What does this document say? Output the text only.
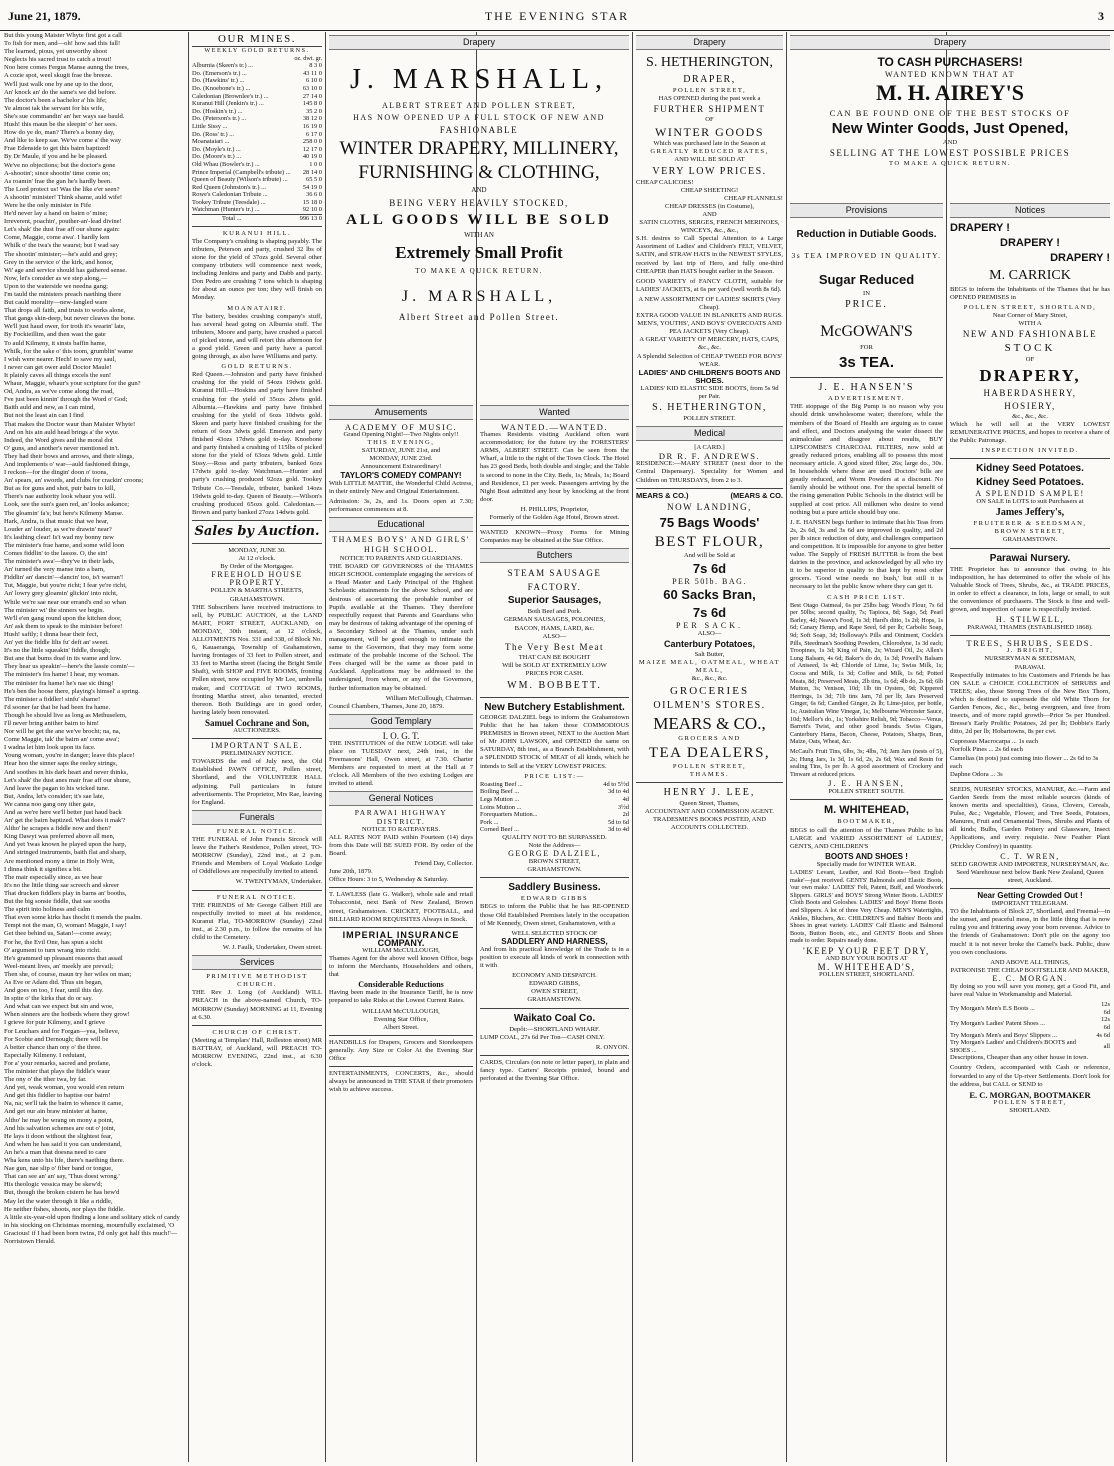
June 21, 1879.	THE EVENING STAR	3

But this young Maister Whyte first got a call

To fish for men, and—oh! how sad this fall!

The learned, pious, yet unworthy shoot

Neglects his sacred trust to catch a trout!

Noo here comes Fergus Manse aunng the trees,

A cozie spot, weel skugit frae the breeze.

We'll just walk one by ane up to the door,

An' knock an' do the same's we did before.

The doctor's been a bachelor a' his life;

Ye almost tak the servant for his wife,

She's sue commandin' an' her ways sae bauld.

Hush! this maun be the sleepin' o' her sees.

How do ye do, man? There's a bonny day,

And like to keep sae. We've come a' the way

Frae Edenside to get this bairn baptized!

By Dr Maule, if you and he be pleased.

We've no objections; but the doctor's gone

A-shootin'; since shootin' time come on;

As roamin' frae the gun he's hardly been.

The Lord protect us! Was the like e'er seen?

A shootin' minister! Think shame, auld wife!

Were he the only minister in Fife

He'd never lay a hand on bairn o' mine;

Irreverent, poachin', pouther-an'-lead divine!

Let's shak' the dust frae aff our shune again:

Come, Maggie, come awa'. I hardly ken

Whilk o' the twa's the waurst; but I wad say

The shootin' minister;—he's auld and grey;

Grey in the service o' the kirk, and honor,

Wi' age and service should has gathered sense.

Now, let's consider as we step along,—

Upon to the waterside we needna gang;

I'm tauld the ministers preach naething there

But cauld morality—new-fangled ware

That drops all faith, and trusts to works alone,

That gangs skin-deep, but never cleaves the bone.

We'll just haud ower, for troth it's wearin' late,

By Fockieillim, and then wast the gate

To auld Kilmeny, it sinsts baffin hame,

Whilk, for the sake o' this toom, grumblin' wame

I wish were nearer. Hech! to save my saul,

I never can get ower auld Doctor Maule!

It plainly caves all things excels the sun!

Whaur, Maggie, whaur's your scripture for the gun?

Od, Andra, as we've come along the road,

I've just been kinnin' through the Word o' God;

Baith auld and new, as I can mind,

But not the least ain can I find

That makes the Doctor waur than Maister Whyte!

And on his ain auld head brings a' the wyte.

Indeed, the Word gives and the moral dot

O' guns, and another's never mentioned in't.

They had their bows and arrows, and their slings,

And implements o' war—auld fashioned things,

I reckon—for the dingin' doon o' toons,

An' spears, an' swords, and clubs for crackin' croons;

But as for guns and shot, puir bairs to kill,

There's nae authority look whaur you will.

Look, see the sun's gaen red, an' looks askance;

The gloamin' fa's; but here's Kilmeny Manse.

Hark, Andra, is that music that we hear,

Louder an' louder, as we're drawin' near?

It's lasthing clear! Is't wad my bonny new

The minister's frae hame, and some wild loon

Comes fiddlin' to the lassos. O, the sin!

The minister's awa'—they've in their lads,

An' turned the very manse into a barn,

Fiddlin' an' dancin'—dancin' too, is't warran'!

Tut, Maggie, but you're richt; I fear ye're richt,

An' lowry grey gloamin' glickin' into nicht,

While we're sae near our errand's end so whan

The minister wi' the sinners we begin.

We'll e'en gang round upon the kitchen door,

An' ask them to speak to the minister before!

Hush! saftly; I dinna hear their fect,

An' yet the fiddle lilts fu' deft an' sweet.

It's no the little squeakin' fiddle, though;

But ane that bums doaf in its wame and low.

They hear us speakin'—here's the lassie comin'—

The minister's fra hame! I hear, my woman.

The minister fra hame! he's nae sic thing!

He's ben the hoose there, playing's himsel' a spring.

The minister a fiddler! sinfu' shame!

I'd sooner far that he had been fra hame.

Though he should live as long as Methuselem,

I'll never bring anither bairn to him!

Nor will he get the ane we've brocht; na, na,

Come Maggie, tak' the bairn an' come awa';

I wadna let him look upon its face.

Young woman, you're in danger; leave this place!

Hear hoo the sinner saps the reeley strings,

And soothes in his dark heart and never thinks,

Let's shak' the dust anes mair frae aff our shune,

And leave the pagan to his wicked tune.

But, Andra, let's consider; it's sae late,

We canna noo gang ony ither gate,

And as we're here we'll better just haud back

An' get the bairn baptized. What does it mak'?

Altho' he scrapes a fiddle now and then?

King Dawyt was preferred above all men,

And yet 'twas known he played upon the harp,

And stringed instruments, baith flat and sharp,

Are mentioned mony a time in Holy Writ,

I dinna think it signifies a bit.

The mair especially since, as we hear

It's no the little thing sae screech and skreer

That drucken fiddlers play in barns an' booths,

But the big sonsie fiddle, that sae sooths

The spirit into holiness and calm

That even some kirks has thocht it mends the psalm.

Tempt not the man, O, woman! Maggie, I say!

Get thee behind us, Satan!—come away;

For he, the Evil One, has spun a sicht

O' argument to turn wrang into richt.

He's grammed up pleasant reasons that assail

Weel-meant lives, an' meekly are prevail;

Then she, of course, maun try her wiles on man;

As Eve or Adam did. Thus sin began,

And goes on too, I fear, until this day.

In spite o' the kirks that do or say.

And what can we expect but sin and woe,

When sinners are the hotbeds where they grow!

I grieve for puir Kilmeny, and I grieve

For Leuchars and for Forgan—yea, believe,

For Scobie and Dernough; there will be

A better chance than ony o' the three.

Especially Kilmeny. I redutant,

For a' your remarks, sacred and profane,

The minister that plays the fiddle's waur

The ony o' the ither twa, by far.

And yet, weak woman, you would e'en return

And get this fiddler to baptise our bairn!

Na, na; we'll tak the bairn to whence it came,

And get our ain braw minister at hame,

Altho' he may be wrang on mony a point,

And his salvation schemes are out o' joint,

He lays it doon without the slightest fear,

And when he has said it you can understand,

An he's a man that doesna need to care

Wha kens unto his life, there's naething there.

Nae gun, nae slip o' fiber band or tongue,

That can see an' an' say, 'Thus doest wrong.'

His theologic vessica may be skew'd;

But, though the broken cistern he has hew'd

May let the water through it like a riddle,

He neither fishes, shoots, nor plays the fiddle.

A little six-year-old upon finding a lone and solitary stick of candy in his stocking on Christmas morning, mournfully exclaimed, 'O Gracious! if I had been born twins, I'd only got half this much!'—Norristown Herald.

OUR MINES.
WEEKLY GOLD RETURNS.
oz. dwt. gr.
Alburnia (Skeen's tr.) ...	8 3 0
Do. (Emerson's tr.) ...	43 11 0
Do. (Hawkins' tr.) ...	6 10 0
Do. (Knoebone's tr.) ...	63 10 0
Caledonian (Brownlee's tr.) ...	27 14 0
Kuranui Hill (Jenkin's tr.) ...	145 8 0
Do. (Hoskin's tr.) ...	35 2 0
Do. (Peterson's tr.) ...	38 12 0
Little Sissy ...	16 19 0
Do. (Ross' tr.) ...	6 17 0
Moanataiari ...	258 0 0
Do. (Moyle's tr.) ...	12 17 0
Do. (Moore's tr.) ...	40 19 0
Old Whau (Bowler's tr.) ...	1 0 0
Prince Imperial (Campbell's tribute) ...	28 14 0
Queen of Beauty (Wilson's tribute) ...	65 5 0
Red Queen (Johnston's tr.) ...	54 19 0
Rowe's Caledonian Tribute ...	36 6 0
Tookey Tribute (Teesdale) ...	15 18 0
Watchman (Hunter's tr.) ...	92 10 0
Total ...	996 13 0
KURANUI HILL.

The Company's crushing is shaping payably. The tributers, Peterson and party, crushed 32 lbs of stone for the yield of 37ozs gold. Several other company tributers will commence next week, including Jenkins and party and Dabb and party. Don Pedro are crushing 7 tons which is shaping for about an ounce per ton; they will finish on Monday.

MOANATAIRI.

The battery, besides crushing company's stuff, has several head going on Alburnia stuff. The tributers, Moore and party, have crushed a parcel of picked stone, and will retort this afternoon for a good yield. Green and party have a parcel going through, as also have Williams and party.

GOLD RETURNS.

Red Queen.—Johnston and party have finished crushing for the yield of 54ozs 19dwts gold. Kuranui Hill.—Hoskins and party have finished crushing for the yield of 35ozs 2dwts gold. Alburnia.—Hawkins and party have finished crushing for the yield of 6ozs 10dwts gold. Skeen and party have finished crushing for the return of 6ozs 3dwts gold. Emerson and party finished 43ozs 17dwts gold to-day. Knoebone and party finished a crushing of 115lbs of picked stone for the yield of 63ozs 9dwts gold. Little Sissy.—Ross and party tributers, banked 6ozs 17dwts gold to-day. Watchman.—Hunter and party's crushing produced 92ozs gold. Tookey Tribute Co.—Teesdale, tributer, banked 14ozs 19dwts gold to-day. Queen of Beauty.—Wilson's crushing produced 65ozs gold. Caledonian.—Brown and party banked 27ozs 14dwts gold.

Sales by Auction.
MONDAY, JUNE 30.
At 12 o'clock.
By Order of the Mortgagee.
FREEHOLD HOUSE PROPERTY.
POLLEN & MARTHA STREETS, GRAHAMSTOWN.

THE Subscribers have received instructions to sell, by PUBLIC AUCTION, at the LAND MART, FORT STREET, AUCKLAND, on MONDAY, 30th instant, at 12 o'clock, ALLOTMENTS Nos. 331 and 338, of Block No. 6, Kauaeranga, Township of Grahamstown, having frontages of 33 feet to Pollen street, and 33 feet to Martha street (facing the Bright Smile Shaft), with SHOP and FIVE ROOMS, fronting Pollen street, now occupied by Mr Lee, umbrella maker, and COTTAGE of TWO ROOMS, fronting Martha street, also tenanted, erected thereon. Both Buildings are in good order, having lately been renovated.

Samuel Cochrane and Son,
AUCTIONEERS.
IMPORTANT SALE.
PRELIMINARY NOTICE.

TOWARDS the end of July next, the Old Established PAWN OFFICE, Pollen street, Shortland, and the VOLUNTEER HALL adjoining. Full particulars in future advertisements. The Proprietor, Mrs Rae, leaving for England.

Funerals
FUNERAL NOTICE.

THE FUNERAL of John Francis Sircock will leave the Father's Residence, Pollen street, TO-MORROW (Sunday), 22nd inst., at 2 p.m. Friends and Members of Loyal Waikato Lodge of Oddfellows are respectfully invited to attend.

W. TWENTYMAN, Undertaker.
FUNERAL NOTICE.

THE FRIENDS of Mr George Gilbert Hill are respectfully invited to meet at his residence, Kuranui Flat, TO-MORROW (Sunday) 22nd inst., at 2.30 p.m., to follow the remains of his child to the Cemetery.

W. J. Faulk, Undertaker, Owen street.
Services
PRIMITIVE METHODIST CHURCH.

THE Rev J. Long (of Auckland) WILL PREACH in the above-named Church, TO-MORROW (Sunday) MORNING at 11, Evening at 6.30.

CHURCH OF CHRIST.

(Meeting at Templars' Hall, Rolleston street) MR BATTRAY, of Auckland, will PREACH TO-MORROW EVENING, 22nd inst., at 6.30 o'clock.

Drapery
J. MARSHALL,
ALBERT STREET AND POLLEN STREET,
HAS NOW OPENED UP A FULL STOCK OF NEW AND
FASHIONABLE
WINTER DRAPERY, MILLINERY,
FURNISHING & CLOTHING,
AND
BEING VERY HEAVILY STOCKED,
ALL GOODS WILL BE SOLD
WITH AN
Extremely Small Profit
TO MAKE A QUICK RETURN.
J. MARSHALL,
Albert Street and Pollen Street.
Amusements
ACADEMY OF MUSIC.
Grand Opening Night!—Two Nights only!!
THIS EVENING,
SATURDAY, JUNE 21st, and
MONDAY, JUNE 23rd.
Announcement Extraordinary!
TAYLOR'S COMEDY COMPANY!

With LITTLE MATTIE, the Wonderful Child Actress, in their entirely New and Original Entertainment.

Admission: 3s, 2s, and 1s. Doors open at 7.30; performance commences at 8.

Educational
THAMES BOYS' AND GIRLS' HIGH SCHOOL.
NOTICE TO PARENTS AND GUARDIANS.

THE BOARD OF GOVERNORS of the THAMES HIGH SCHOOL contemplate engaging the services of a Head Master and Lady Principal of the Highest Scholastic attainments for the above School, and are desirous of ascertaining the probable number of Pupils available at the Thames. They therefore respectfully request that Parents and Guardians who may be desirous of taking advantage of the opening of a Secondary School at the Thames, under such management, will be good enough to intimate the same to the Governors, that they may form some estimate of the probable income of the School. The Fees charged will be the same as those paid in Auckland. Applications may be addressed to the undersigned, from whom, or any of the Governors, further information may be obtained.

William McCullough, Chairman.
Council Chambers, Thames, June 20, 1879.
Good Templary
I. O. G. T.

THE INSTITUTION of the NEW LODGE will take place on TUESDAY next, 24th inst., in the Freemasons' Hall, Owen street, at 7.30. Charter Members are requested to meet at the Hall at 7 o'clock. All Members of the two existing Lodges are invited to attend.

General Notices
PARAWAI HIGHWAY DISTRICT.
NOTICE TO RATEPAYERS.

ALL RATES NOT PAID within Fourteen (14) days from this Date will BE SUED FOR. By order of the Board.

Friend Day, Collector.
June 20th, 1879.
Office Hours: 3 to 5, Wednesday & Saturday.

T. LAWLESS (late G. Walker), whole sale and retail Tobacconist, next Bank of New Zealand, Brown street, Grahamstown. CRICKET, FOOTBALL, and BILLIARD ROOM REQUISITES Always in Stock.

IMPERIAL INSURANCE
COMPANY.
WILLIAM McCULLOUGH,

Thames Agent for the above well known Office, begs to inform the Merchants, Householders and others, that

Considerable Reductions

Having been made in the Insurance Tariff, he is now prepared to take Risks at the Lowest Current Rates.

WILLIAM McCULLOUGH,
Evening Star Office,
Albert Street.

HANDBILLS for Drapers, Grocers and Storekeepers generally. Any Size or Color At the Evening Star Office

ENTERTAINMENTS, CONCERTS, &c., should always be announced in THE STAR if their promoters wish to achieve success.

Wanted
WANTED.—WANTED.

Thames Residents visiting Auckland often want accommodation; for the future try the FORESTERS' ARMS, ALBERT STREET. Can be seen from the Wharf, a little to the right of the Town Clock. The Hotel has 23 good Beds, both double and single; and the Table is second to none in the City. Beds, 1s; Meals, 1s; Board and Residence, £1 per week. Passengers arriving by the Night Boat admitted any hour by knocking at the front door.

H. PHILLIPS, Proprietor,
Formerly of the Golden Age Hotel, Brown street.

WANTED KNOWN—Proxy Forms for Mining Companies may be obtained at the Star Office.

Butchers
STEAM SAUSAGE FACTORY.
Superior Sausages,
Both Beef and Pork.
GERMAN SAUSAGES, POLONIES,
BACON, HAMS, LARD, &c.
ALSO—
The Very Best Meat
THAT CAN BE BOUGHT
Will be SOLD AT EXTREMELY LOW
PRICES FOR CASH.
WM. BOBBETT.
New Butchery Establishment.

GEORGE DALZIEL begs to inform the Grahamstown Public that he has taken those COMMODIOUS PREMISES in Brown street, NEXT to the Auction Mart of Mr JOHN LAWSON, and OPENED the same on SATURDAY, 8th inst., as a Branch Establishment, with a SPLENDID STOCK of MEAT of all kinds, which he intends to Sell at the VERY LOWEST PRICES.

PRICE LIST:—
Roasting Beef ...	4d to 5½d
Boiling Beef ...	3d to 4d
Legs Mutton ...	4d
Loins Mutton ...	3½d
Forequarters Mutton...	2d
Pork ...	5d to 6d
Corned Beef ...	3d to 4d
QUALITY NOT TO BE SURPASSED.
Note the Address—
GEORGE DALZIEL,
BROWN STREET,
GRAHAMSTOWN.
Saddlery Business.
EDWARD GIBBS

BEGS to inform the Public that he has RE-OPENED those Old Established Premises lately in the occupation of Mr Kennedy, Owen street, Grahamstown, with a

WELL SELECTED STOCK OF
SADDLERY AND HARNESS,

And from his practical knowledge of the Trade is in a position to execute all kinds of work in connection with it with

ECONOMY AND DESPATCH.
EDWARD GIBBS,
OWEN STREET,
GRAHAMSTOWN.
Waikato Coal Co.
Depôt:—SHORTLAND WHARF.

LUMP COAL, 27s 6d Per Ton—CASH ONLY.

R. ONYON.

CARDS, Circulars (on note or letter paper), in plain and fancy type. Carters' Receipts printed, bound and perforated at the Evening Star Office.

Drapery
S. HETHERINGTON,
DRAPER,
POLLEN STREET,
HAS OPENED during the past week a
FURTHER SHIPMENT
OF
WINTER GOODS
Which was purchased late in the Season at
GREATLY REDUCED RATES,
AND WILL BE SOLD AT
VERY LOW PRICES.
CHEAP CALICOES!
CHEAP SHEETING!
CHEAP FLANNELS!
CHEAP DRESSES (in Costume),
AND
SATIN CLOTHS, SERGES, FRENCH MERINOES, WINCEYS, &c., &c.,

S.H. desires to Call Special Attention to a Large Assortment of Ladies' and Children's FELT, VELVET, SATIN, and STRAW HATS in the NEWEST STYLES, received by last trip of Hero, and fully one-third CHEAPER than HATS bought earlier in the Season.

GOOD VARIETY of FANCY CLOTH, suitable for LADIES' JACKETS, at 6s per yard (well worth 8s 6d).

A NEW ASSORTMENT OF LADIES' SKIRTS (Very Cheap).
EXTRA GOOD VALUE IN BLANKETS AND RUGS.
MEN'S, YOUTHS', AND BOYS' OVERCOATS AND PEA JACKETS (Very Cheap).
A GREAT VARIETY OF MERCERY, HATS, CAPS, &c., &c.
A Splendid Selection of CHEAP TWEED FOR BOYS' WEAR.
LADIES' AND CHILDREN'S BOOTS AND SHOES.
LADIES' KID ELASTIC SIDE BOOTS, from 5s 9d per Pair.
S. HETHERINGTON,
POLLEN STREET.
Medical
[A CARD.]
DR R. F. ANDREWS.

RESIDENCE:—MARY STREET (next door to the Central Dispensary). Speciality for Women and Children on THURSDAYS, from 2 to 3.

MEARS & CO.)	(MEARS & CO.
NOW LANDING,
75 Bags Woods'
BEST FLOUR,
And will be Sold at
7s 6d
PER 50lb. BAG.
60 Sacks Bran,
7s 6d
PER SACK.
ALSO—
Canterbury Potatoes,
Salt Butter,
MAIZE MEAL, OATMEAL, WHEAT MEAL,
&c., &c., &c.
GROCERIES
OILMEN'S STORES.
MEARS & CO.,
GROCERS AND
TEA DEALERS,
POLLEN STREET,
THAMES.
HENRY J. LEE,
Queen Street, Thames,
ACCOUNTANT AND COMMISSION AGENT.
TRADESMEN'S BOOKS POSTED, AND ACCOUNTS COLLECTED.
Drapery
TO CASH PURCHASERS!
WANTED KNOWN THAT AT
M. H. AIREY'S
CAN BE FOUND ONE OF THE BEST STOCKS OF
New Winter Goods, Just Opened,
AND
SELLING AT THE LOWEST POSSIBLE PRICES
TO MAKE A QUICK RETURN.
Provisions
Reduction in Dutiable Goods.
3s TEA IMPROVED IN QUALITY.
Sugar Reduced
IN
PRICE.
McGOWAN'S
FOR
3s TEA.
J. E. HANSEN'S
ADVERTISEMENT.

THE stoppage of the Big Pump is no reason why you should drink unwholesome water; therefore, while the members of the Board of Health are arguing as to cause and effect, and Doctors analysing the water dissect the animalculae and disagree about results, BUY LIPSCOMBE'S CHARCOAL FILTERS, now sold at greatly reduced prices, enabling all to possess this most necessary article. A good sized filter, 26s; large do., 30s. In households where these are used Doctors' bills are greatly reduced, and Worm Powders at a discount. No family should be without one. For the special benefit of the rising generation Public Schools in the district will be supplied at cost price. All milkmen who desire to vend nothing but a pure article should buy one.

J. E. HANSEN begs further to intimate that his Teas from 2s, 2s 6d, 3s and 3s 6d are improved in quality, and 2d per lb since reduction of duty, and challenges comparison and competition. It is impossible for anyone to give better value. The Supply of FRESH BUTTER is from the best dairies in the province, and acknowledged by all who try it to be superior in quality to that kept by most other grocers. 'Good wine needs no bush,' but still it is necessary to let the public know where they can get it.

CASH PRICE LIST.

Best Otago Oatmeal, 6s per 25lbs bag; Wood's Flour, 7s 6d per 50lbs; second quality, 7s; Tapioca, 8d; Sago, 5d; Pearl Barley, 4d; Neave's Food, 1s 3d; Hard's ditto, 1s 2d; Hops, 1s 6d; Canary Hemp, and Rape Seed, 6d per lb; Carbolic Soap, 9d; Soft Soap, 3d; Holloway's Pills and Ointment, Cockle's Pills, Steedman's Soothing Powders, Chlorodyne, 1s 3d each; Troopines, 1s 3d; King of Pain, 2s; Wizard Oil, 2s; Allen's Lung Balsam, 4s 6d; Baker's do do, 1s 3d; Powell's Balsam of Aniseed, 1s 4d; Chloride of Lime, 1s; Swiss Milk, 1s; Cocoa and Milk, 1s 3d; Coffee and Milk, 1s 6d; Potted Meats, 8d; Preserved Meats, 2lb tins, 1s 6d; 4lb do, 2s 6d; 6lb Mutton, 3s; Venison, 10d; 1lb tin Oysters, 9d; Kippered Herrings, 1s 3d; 71b tins Jam, 7d per lb; Jars Preserved Ginger, 6s 6d; Candied Ginger, 2s lb; Lime-juice, per bottle, 1s; Australian Wine Vinegar, 1s; Melbourne Worcester Sauce, 10d; Mellor's do., 1s; Yorkshire Relish, 9d; Tobacco—Venus, Barrett's Twist, and other good brands. Swiss Cigars, Canterbury Hams, Bacon, Cheese, Potatoes, Sharps, Bran, Maize, Oats, Wheat, &c.

McCaul's Fruit Tins, 6lbs, 3s; 4lbs, 7d; Jam Jars (nests of 5), 2s; Hung Jars, 1s 3d, 1s 6d, 2s, 2s 6d; Wax and Resin for sealing Tins, 1s per lb. A good assortment of Crockery and Tinware at reduced prices.

J. E. HANSEN,
POLLEN STREET SOUTH.
M. WHITEHEAD,
BOOTMAKER,

BEGS to call the attention of the Thames Public to his LARGE and VARIED ASSORTMENT of LADIES', GENTS, AND CHILDREN'S

BOOTS AND SHOES !
Specially made for WINTER WEAR.

LADIES' Levant, Leather, and Kid Boots—'best English make'—just received. GENTS' Balmorals and Elastic Boots, 'our own make.' LADIES' Felt, Patent, Buff, and Woodwork Slippers. GIRLS' and BOYS' Strong Winter Boots. LADIES' Cloth Boots and Goloshes. LADIES' and Boys' Home Boots and Slippers. A lot of three Very Cheap. MEN'S Watertights, Ankles, Bluchers, &c. CHILDREN'S and Babies' Boots and Shoes in great variety. LADIES' Calf Elastic and Balmoral Boots, Button Boots, etc., and GENTS' Boots and Shoes made to order. Repairs neatly done.

'KEEP YOUR FEET DRY,
AND BUY YOUR BOOTS AT
M. WHITEHEAD'S,
POLLEN STREET, SHORTLAND.
Notices
DRAPERY !
DRAPERY !
DRAPERY !
M. CARRICK

BEGS to inform the Inhabitants of the Thames that he has OPENED PREMISES in

POLLEN STREET, SHORTLAND,
Near Corner of Mary Street,
WITH A
NEW AND FASHIONABLE
STOCK
OF
DRAPERY,
HABERDASHERY,
HOSIERY,
&c., &c., &c.

Which he will sell at the VERY LOWEST REMUNERATIVE PRICES, and hopes to receive a share of the Public Patronage.

INSPECTION INVITED.
Kidney Seed Potatoes.
Kidney Seed Potatoes.
A SPLENDID SAMPLE!
ON SALE in LOTS to suit Purchasers at
James Jeffery's,
FRUITERER & SEEDSMAN,
BROWN STREET,
GRAHAMSTOWN.
Parawai Nursery.

THE Proprietor has to announce that owing to his indisposition, he has determined to offer the whole of his Valuable Stock of Trees, Shrubs, &c., at TRADE PRICES, in order to effect a clearance, in lots, large or small, to suit the convenience of purchasers. The Stock is fine and well-grown, and inspection of same is respectfully invited.

H. STILWELL,
PARAWAI, THAMES (ESTABLISHED 1868).
TREES, SHRUBS, SEEDS.
J. BRIGHT,
NURSERYMAN & SEEDSMAN,
PARAWAI.

Respectfully intimates to his Customers and Friends he has ON SALE a CHOICE COLLECTION of SHRUBS and TREES; also, those Strong Trees of the New Box Thorn, which is destined to supersede the old White Thorn for Garden Fences, &c., &c., being evergreen, and free from insects, and of more rapid growth—Price 5s per Hundred. Bresse's Early Prolific Potatoes, 2d per lb; Dobbie's Early ditto, 2d per lb; Hobartowns, 8s per cwt.

Cupressus Macrocarpa ... 1s each
Norfolk Pines ... 2s 6d each
Camelias (in pots) just coming into flower ... 2s 6d to 3s each
Daphne Odora ... 3s

SEEDS, NURSERY STOCKS, MANURE, &c.—Farm and Garden Seeds from the most reliable sources (kinds of known merits and specialities), Grass, Clovers, Cereals, Pulse, &c.; Vegetable, Flower, and Tree Seeds, Potatoes, Manures, Fruit and Ornamental Trees, Shrubs and Plants of all kinds; Bulbs, Garden Pottery and Glassware, Insect Applications, and every requisite. New Feather Plant (Prickley Comfrey) in quantity.

C. T. WREN,
SEED GROWER AND IMPORTER, NURSERYMAN, &c.
Seed Warehouse next below Bank New Zealand, Queen street, Auckland.
Near Getting Crowded Out !
IMPORTANT TELEGRAM.

TO the Inhabitants of Block 27, Shortland, and Freemal—in the sunset, and peaceful mess, in the little thing that is now ruling you and frittering away your born revenue. Advice to the friends of Grahamstown: Don't pile on the agony too much! it is not never broke the Camel's back. Public, draw you own conclusions.

AND ABOVE ALL THINGS,
PATRONISE THE CHEAP BOOTSELLER AND MAKER,
E. C. MORGAN.

By doing so you will save you money, get a Good Fit, and have real Value in Workmanship and Material.

Try Morgan's Men's E.S Boots ...	12s 6d
Try Morgan's Ladies' Patent Shoes ...	12s 6d
Try Morgan's Men's and Boys' Slippers ...	4s 6d
Try Morgan's Ladies' and Children's BOOTS and SHOES ...	all

Descriptions, Cheaper than any other house in town.

Country Orders, accompanied with Cash or reference, forwarded to any of the Up-river Settlements. Don't look for the address, but CALL or SEND to

E. C. MORGAN, BOOTMAKER
POLLEN STREET,
SHORTLAND.
